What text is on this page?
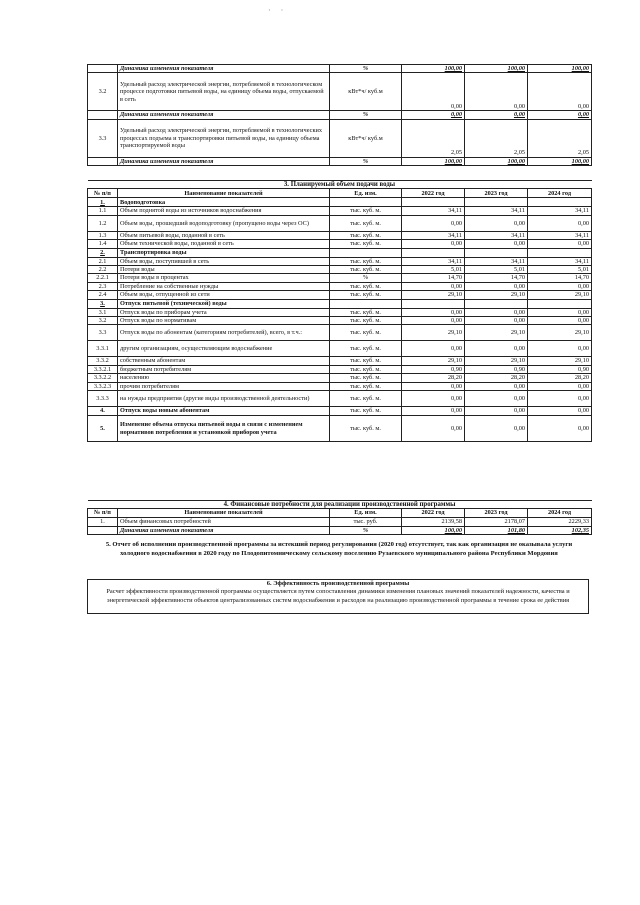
· ·
	Динамика изменения показателя	%	100,00	100,00	100,00
3.2	Удельный расход электрической энергии, потребляемой в технологическом процессе подготовки питьевой воды, на единицу объема воды, отпускаемой в сеть	кВт*ч/ куб.м	0,00	0,00	0,00
	Динамика изменения показателя	%	0,00	0,00	0,00
3.3	Удельный расход электрической энергии, потребляемой в технологических процессах подъема и транспортировки питьевой воды, на единицу объема транспортируемой воды	кВт*ч/ куб.м	2,05	2,05	2,05
	Динамика изменения показателя	%	100,00	100,00	100,00
3. Планируемый объем подачи воды					
№ п/п	Наименование показателей	Ед. изм.	2022 год	2023 год	2024 год
1.	Водоподготовка				
1.1	Объем поднятой воды из источников водоснабжения	тыс. куб. м.	34,11	34,11	34,11
1.2	Объем воды, прошедший водоподготовку (пропущено воды через ОС)	тыс. куб. м.	0,00	0,00	0,00
1.3	Объем питьевой воды, поданной в сеть	тыс. куб. м.	34,11	34,11	34,11
1.4	Объем технической воды, поданной в сеть	тыс. куб. м.	0,00	0,00	0,00
2.	Транспортировка воды				
2.1	Объем воды, поступившей в сеть	тыс. куб. м.	34,11	34,11	34,11
2.2	Потери воды	тыс. куб. м.	5,01	5,01	5,01
2.2.1	Потери воды в процентах	%	14,70	14,70	14,70
2.3	Потребление на собственные нужды	тыс. куб. м.	0,00	0,00	0,00
2.4	Объем воды, отпущенной из сети	тыс. куб. м.	29,10	29,10	29,10
3.	Отпуск питьевой (технической) воды				
3.1	Отпуск воды по приборам учета	тыс. куб. м.	0,00	0,00	0,00
3.2	Отпуск воды по нормативам	тыс. куб. м.	0,00	0,00	0,00
3.3	Отпуск воды по абонентам (категориям потребителей), всего, в т.ч.:	тыс. куб. м.	29,10	29,10	29,10
3.3.1	другим организациям, осуществляющим водоснабжение	тыс. куб. м.	0,00	0,00	0,00
3.3.2	собственным абонентам	тыс. куб. м.	29,10	29,10	29,10
3.3.2.1	бюджетным потребителям	тыс. куб. м.	0,90	0,90	0,90
3.3.2.2	населению	тыс. куб. м.	28,20	28,20	28,20
3.3.2.3	прочим потребителям	тыс. куб. м.	0,00	0,00	0,00
3.3.3	на нужды предприятия (другие виды производственной деятельности)	тыс. куб. м.	0,00	0,00	0,00
4.	Отпуск воды новым абонентам	тыс. куб. м.	0,00	0,00	0,00
5.	Изменение объема отпуска питьевой воды в связи с изменением нормативов потребления и установкой приборов учета	тыс. куб. м.	0,00	0,00	0,00
4. Финансовые потребности для реализации производственной программы					
№ п/п	Наименование показателей	Ед. изм.	2022 год	2023 год	2024 год
1.	Объем финансовых потребностей	тыс. руб.	2139,58	2178,07	2229,33
	Динамика изменения показателя	%	100,00	101,80	102,35
5. Отчет об исполнении производственной программы за истекший период регулирования (2020 год) отсутствует, так как организация не оказывала услуги холодного водоснабжения в 2020 году по Плодопитомническому сельскому поселению Рузаевского муниципального района Республики Мордовия
6. Эффективность производственной программы
Расчет эффективности производственной программы осуществляется путем сопоставления динамики изменения плановых значений показателей надежности, качества и энергетической эффективности объектов централизованных систем водоснабжения и расходов на реализацию производственной программы в течение срока ее действия
